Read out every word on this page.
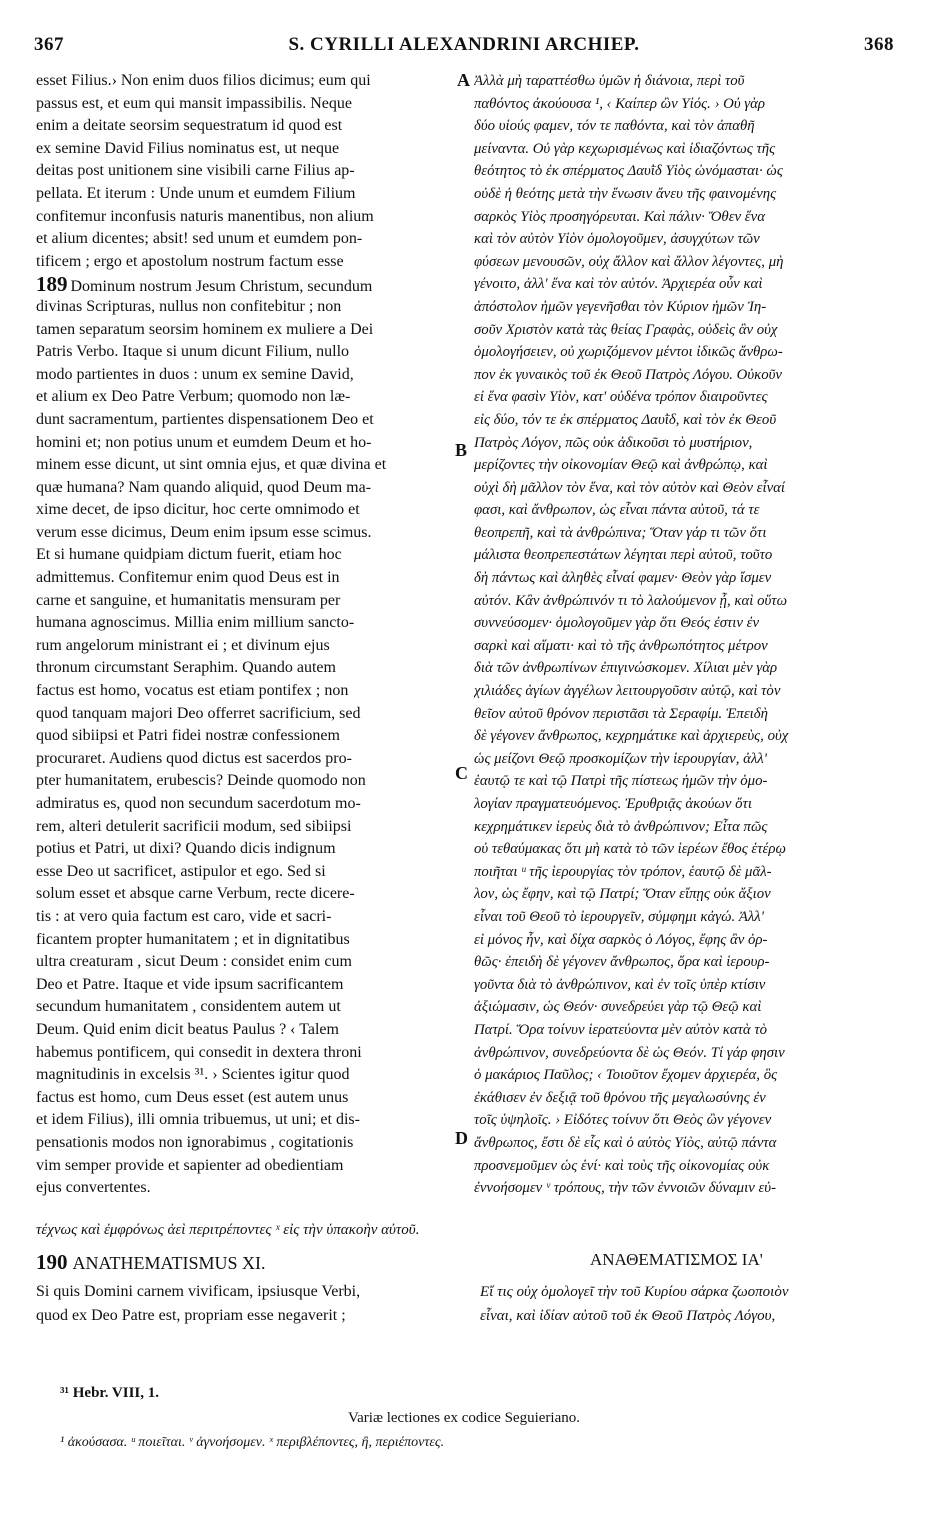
367	S. CYRILLI ALEXANDRINI ARCHIEP.	368
A
B
C
D
esset Filius.› Non enim duos filios dicimus; eum qui
passus est, et eum qui mansit impassibilis. Neque
enim a deitate seorsim sequestratum id quod est
ex semine David Filius nominatus est, ut neque
deitas post unitionem sine visibili carne Filius ap-
pellata. Et iterum : Unde unum et eumdem Filium
confitemur inconfusis naturis manentibus, non alium
et alium dicentes; absit! sed unum et eumdem pon-
tificem ; ergo et apostolum nostrum factum esse
189 Dominum nostrum Jesum Christum, secundum
divinas Scripturas, nullus non confitebitur ; non
tamen separatum seorsim hominem ex muliere a Dei
Patris Verbo. Itaque si unum dicunt Filium, nullo
modo partientes in duos : unum ex semine David,
et alium ex Deo Patre Verbum; quomodo non læ-
dunt sacramentum, partientes dispensationem Deo et
homini et; non potius unum et eumdem Deum et ho-
minem esse dicunt, ut sint omnia ejus, et quæ divina et
quæ humana? Nam quando aliquid, quod Deum ma-
xime decet, de ipso dicitur, hoc certe omnimodo et
verum esse dicimus, Deum enim ipsum esse scimus.
Et si humane quidpiam dictum fuerit, etiam hoc
admittemus. Confitemur enim quod Deus est in
carne et sanguine, et humanitatis mensuram per
humana agnoscimus. Millia enim millium sancto-
rum angelorum ministrant ei ; et divinum ejus
thronum circumstant Seraphim. Quando autem
factus est homo, vocatus est etiam pontifex ; non
quod tanquam majori Deo offerret sacrificium, sed
quod sibiipsi et Patri fidei nostræ confessionem
procuraret. Audiens quod dictus est sacerdos pro-
pter humanitatem, erubescis? Deinde quomodo non
admiratus es, quod non secundum sacerdotum mo-
rem, alteri detulerit sacrificii modum, sed sibiipsi
potius et Patri, ut dixi? Quando dicis indignum
esse Deo ut sacrificet, astipulor et ego. Sed si
solum esset et absque carne Verbum, recte dicere-
tis : at vero quia factum est caro, vide et sacri-
ficantem propter humanitatem ; et in dignitatibus
ultra creaturam , sicut Deum : considet enim cum
Deo et Patre. Itaque et vide ipsum sacrificantem
secundum humanitatem , considentem autem ut
Deum. Quid enim dicit beatus Paulus ? ‹ Talem
habemus pontificem, qui consedit in dextera throni
magnitudinis in excelsis ³¹. › Scientes igitur quod
factus est homo, cum Deus esset (est autem unus
et idem Filius), illi omnia tribuemus, ut uni; et dis-
pensationis modos non ignorabimus , cogitationis
vim semper provide et sapienter ad obedientiam
ejus convertentes.
Ἀλλὰ μὴ ταραττέσθω ὑμῶν ἡ διάνοια, περὶ τοῦ
παθόντος ἀκούουσα ¹, ‹ Καίπερ ὢν Υἱός. › Οὐ γὰρ
δύο υἱούς φαμεν, τόν τε παθόντα, καὶ τὸν ἀπαθῆ
μείναντα. Οὐ γὰρ κεχωρισμένως καὶ ἰδιαζόντως τῆς
θεότητος τὸ ἐκ σπέρματος Δαυῒδ Υἱὸς ὠνόμασται· ὡς
οὐδὲ ἡ θεότης μετὰ τὴν ἕνωσιν ἄνευ τῆς φαινομένης
σαρκὸς Υἱὸς προσηγόρευται. Καὶ πάλιν· Ὅθεν ἕνα
καὶ τὸν αὐτὸν Υἱὸν ὁμολογοῦμεν, ἀσυγχύτων τῶν
φύσεων μενουσῶν, οὐχ ἄλλον καὶ ἄλλον λέγοντες, μὴ
γένοιτο, ἀλλ' ἕνα καὶ τὸν αὐτόν. Ἀρχιερέα οὖν καὶ
ἀπόστολον ἡμῶν γεγενῆσθαι τὸν Κύριον ἡμῶν Ἰη-
σοῦν Χριστὸν κατὰ τὰς θείας Γραφὰς, οὐδεὶς ἂν οὐχ
ὁμολογήσειεν, οὐ χωριζόμενον μέντοι ἰδικῶς ἄνθρω-
πον ἐκ γυναικὸς τοῦ ἐκ Θεοῦ Πατρὸς Λόγου. Οὐκοῦν
εἰ ἕνα φασὶν Υἱὸν, κατ' οὐδένα τρόπον διαιροῦντες
εἰς δύο, τόν τε ἐκ σπέρματος Δαυῒδ, καὶ τὸν ἐκ Θεοῦ
Πατρὸς Λόγον, πῶς οὐκ ἀδικοῦσι τὸ μυστήριον,
μερίζοντες τὴν οἰκονομίαν Θεῷ καὶ ἀνθρώπῳ, καὶ
οὐχὶ δὴ μᾶλλον τὸν ἕνα, καὶ τὸν αὐτὸν καὶ Θεὸν εἶναί
φασι, καὶ ἄνθρωπον, ὡς εἶναι πάντα αὐτοῦ, τά τε
θεοπρεπῆ, καὶ τὰ ἀνθρώπινα; Ὅταν γάρ τι τῶν ὅτι
μάλιστα θεοπρεπεστάτων λέγηται περὶ αὐτοῦ, τοῦτο
δὴ πάντως καὶ ἀληθὲς εἶναί φαμεν· Θεὸν γὰρ ἴσμεν
αὐτόν. Κἂν ἀνθρώπινόν τι τὸ λαλούμενον ᾖ, καὶ οὕτω
συννεύσομεν· ὁμολογοῦμεν γὰρ ὅτι Θεός ἐστιν ἐν
σαρκὶ καὶ αἵματι· καὶ τὸ τῆς ἀνθρωπότητος μέτρον
διὰ τῶν ἀνθρωπίνων ἐπιγινώσκομεν. Χίλιαι μὲν γὰρ
χιλιάδες ἁγίων ἀγγέλων λειτουργοῦσιν αὐτῷ, καὶ τὸν
θεῖον αὐτοῦ θρόνον περιστᾶσι τὰ Σεραφίμ. Ἐπειδὴ
δὲ γέγονεν ἄνθρωπος, κεχρημάτικε καὶ ἀρχιερεὺς, οὐχ
ὡς μείζονι Θεῷ προσκομίζων τὴν ἱερουργίαν, ἀλλ'
ἑαυτῷ τε καὶ τῷ Πατρὶ τῆς πίστεως ἡμῶν τὴν ὁμο-
λογίαν πραγματευόμενος. Ἐρυθριᾷς ἀκούων ὅτι
κεχρημάτικεν ἱερεὺς διὰ τὸ ἀνθρώπινον; Εἶτα πῶς
οὐ τεθαύμακας ὅτι μὴ κατὰ τὸ τῶν ἱερέων ἔθος ἑτέρῳ
ποιῆται ᵘ τῆς ἱερουργίας τὸν τρόπον, ἑαυτῷ δὲ μᾶλ-
λον, ὡς ἔφην, καὶ τῷ Πατρί; Ὅταν εἴπῃς οὐκ ἄξιον
εἶναι τοῦ Θεοῦ τὸ ἱερουργεῖν, σύμφημι κἀγώ. Ἀλλ'
εἰ μόνος ἦν, καὶ δίχα σαρκὸς ὁ Λόγος, ἔφης ἂν ὀρ-
θῶς· ἐπειδὴ δὲ γέγονεν ἄνθρωπος, ὅρα καὶ ἱερουρ-
γοῦντα διὰ τὸ ἀνθρώπινον, καὶ ἐν τοῖς ὑπὲρ κτίσιν
ἀξιώμασιν, ὡς Θεόν· συνεδρεύει γὰρ τῷ Θεῷ καὶ
Πατρί. Ὅρα τοίνυν ἱερατεύοντα μὲν αὐτὸν κατὰ τὸ
ἀνθρώπινον, συνεδρεύοντα δὲ ὡς Θεόν. Τί γάρ φησιν
ὁ μακάριος Παῦλος; ‹ Τοιοῦτον ἔχομεν ἀρχιερέα, ὃς
ἐκάθισεν ἐν δεξιᾷ τοῦ θρόνου τῆς μεγαλωσύνης ἐν
τοῖς ὑψηλοῖς. › Εἰδότες τοίνυν ὅτι Θεὸς ὢν γέγονεν
ἄνθρωπος, ἔστι δὲ εἷς καὶ ὁ αὐτὸς Υἱὸς, αὐτῷ πάντα
προσνεμοῦμεν ὡς ἑνί· καὶ τοὺς τῆς οἰκονομίας οὐκ
ἐννοήσομεν ᵛ τρόπους, τὴν τῶν ἐννοιῶν δύναμιν εὐ-
τέχνως καὶ ἐμφρόνως ἀεὶ περιτρέποντες ˣ εἰς τὴν ὑπακοὴν αὐτοῦ.
190 ANATHEMATISMUS XI.	ΑΝΑΘΕΜΑΤΙΣΜΟΣ ΙΑ'
Si quis Domini carnem vivificam, ipsiusque Verbi,
quod ex Deo Patre est, propriam esse negaverit ;
Εἴ τις οὐχ ὁμολογεῖ τὴν τοῦ Κυρίου σάρκα ζωοποιὸν
εἶναι, καὶ ἰδίαν αὐτοῦ τοῦ ἐκ Θεοῦ Πατρὸς Λόγου,
³¹ Hebr. VIII, 1.
Variæ lectiones ex codice Seguieriano.
¹ ἀκούσασα. ᵘ ποιεῖται. ᵛ ἀγνοήσομεν. ˣ περιβλέποντες, ἢ, περιέποντες.
